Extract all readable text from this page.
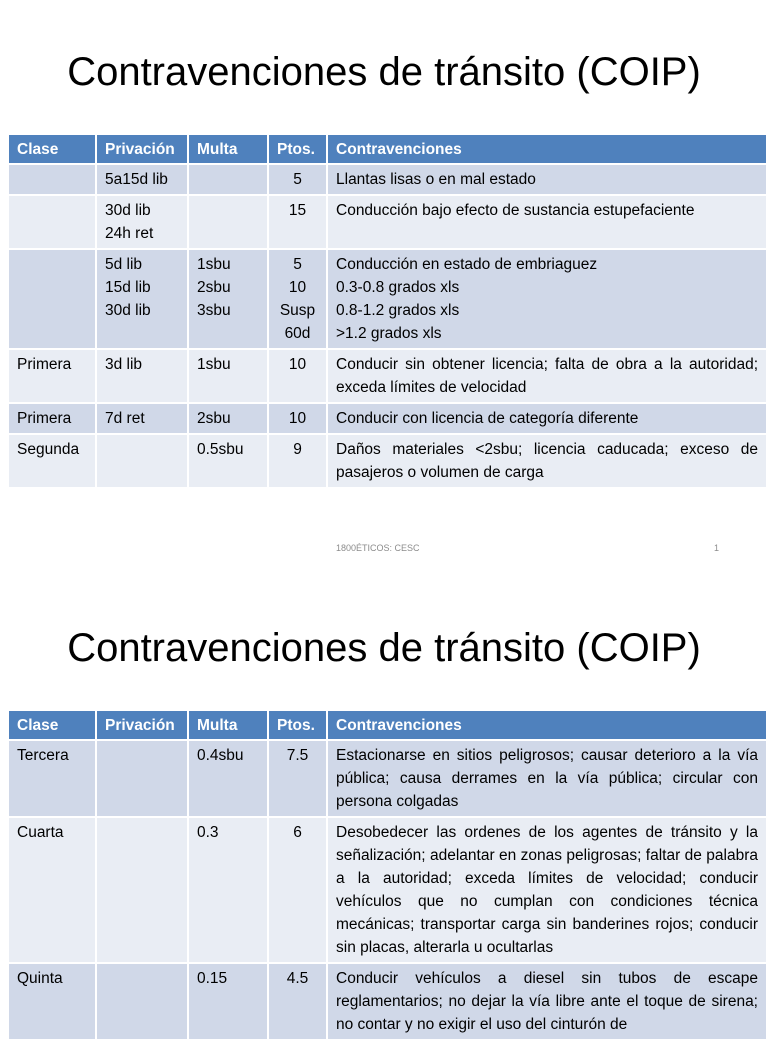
Contravenciones de tránsito (COIP)
Clase	Privación	Multa	Ptos.	Contravenciones

	5a15d lib		5	Llantas lisas o en mal estado

	30d lib
24h ret		15	Conducción bajo efecto de sustancia estupefaciente

	5d lib
15d lib
30d lib	1sbu
2sbu
3sbu	5
10
Susp
60d	Conducción en estado de embriaguez
0.3-0.8 grados xls
0.8-1.2 grados xls
>1.2 grados xls

Primera	3d lib	1sbu	10	Conducir sin obtener licencia; falta de obra a la autoridad; exceda límites de velocidad

Primera	7d ret	2sbu	10	Conducir con licencia de categoría diferente

Segunda		0.5sbu	9	Daños materiales <2sbu; licencia caducada; exceso de pasajeros o volumen de carga
1800ÉTICOS: CESC	1
Contravenciones de tránsito (COIP)
Clase	Privación	Multa	Ptos.	Contravenciones
Tercera		0.4sbu	7.5	Estacionarse en sitios peligrosos; causar deterioro a la vía pública; causa derrames en la vía pública; circular con persona colgadas

Cuarta		0.3	6	Desobedecer las ordenes de los agentes de tránsito y la señalización; adelantar en zonas peligrosas; faltar de palabra a la autoridad; exceda límites de velocidad; conducir vehículos que no cumplan con condiciones técnica mecánicas; transportar carga sin banderines rojos; conducir sin placas, alterarla u ocultarlas

Quinta		0.15	4.5	Conducir vehículos a diesel sin tubos de escape reglamentarios; no dejar la vía libre ante el toque de sirena; no contar y no exigir el uso del cinturón de
